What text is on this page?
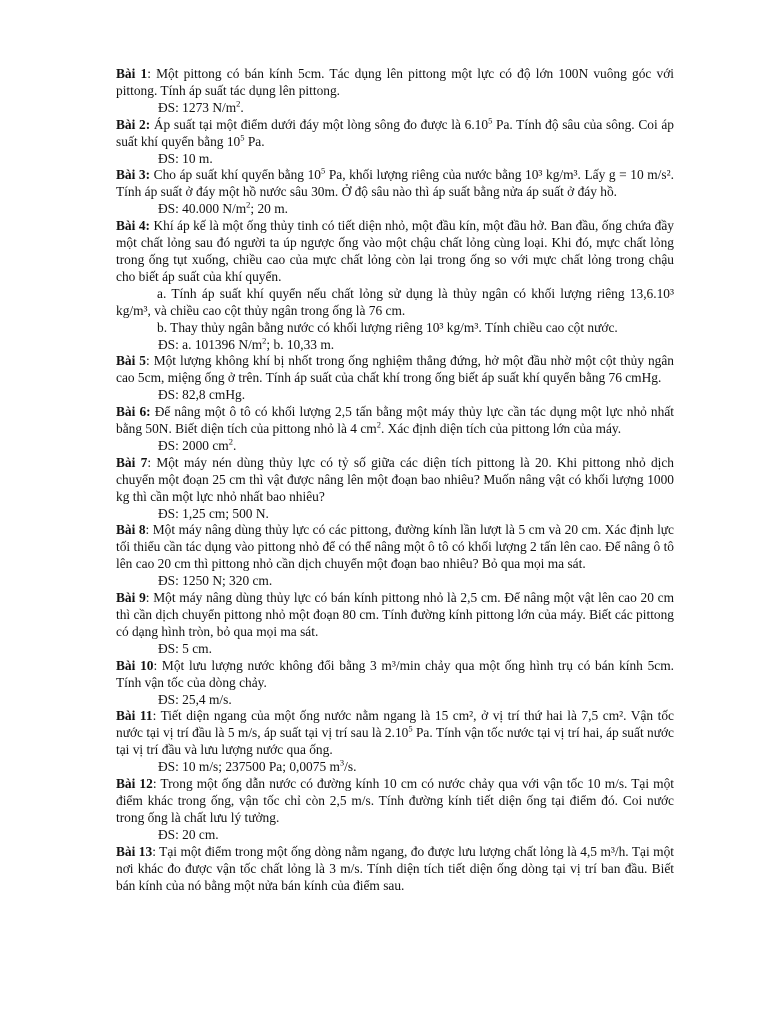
Bài 1: Một pittong có bán kính 5cm. Tác dụng lên pittong một lực có độ lớn 100N vuông góc với pittong. Tính áp suất tác dụng lên pittong.

ĐS: 1273 $N/m^2$.

Bài 2: Áp suất tại một điểm dưới đáy một lòng sông đo được là 6.10$^5$ Pa. Tính độ sâu của sông. Coi áp suất khí quyển bằng $10^5$ Pa.

ĐS: 10 m.

Bài 3: Cho áp suất khí quyển bằng $10^5$ Pa, khối lượng riêng của nước bằng 10³ kg/m³. Lấy g = 10 m/s². Tính áp suất ở đáy một hồ nước sâu 30m. Ở độ sâu nào thì áp suất bằng nửa áp suất ở đáy hồ.

ĐS: 40.000 $N/m^2$; 20 m.

Bài 4: Khí áp kế là một ống thủy tinh có tiết diện nhỏ, một đầu kín, một đầu hở. Ban đầu, ống chứa đầy một chất lỏng sau đó người ta úp ngược ống vào một chậu chất lỏng cùng loại. Khi đó, mực chất lỏng trong ống tụt xuống, chiều cao của mực chất lỏng còn lại trong ống so với mực chất lỏng trong chậu cho biết áp suất của khí quyển.

a. Tính áp suất khí quyển nếu chất lỏng sử dụng là thủy ngân có khối lượng riêng 13,6.10³ kg/m³, và chiều cao cột thủy ngân trong ống là 76 cm.

b. Thay thủy ngân bằng nước có khối lượng riêng 10³ kg/m³. Tính chiều cao cột nước.

ĐS: a. 101396 $N/m^2$; b. 10,33 m.

Bài 5: Một lượng không khí bị nhốt trong ống nghiệm thẳng đứng, hở một đầu nhờ một cột thủy ngân cao 5cm, miệng ống ở trên. Tính áp suất của chất khí trong ống biết áp suất khí quyển bằng 76 cmHg.

ĐS: 82,8 cmHg.

Bài 6: Để nâng một ô tô có khối lượng 2,5 tấn bằng một máy thủy lực cần tác dụng một lực nhỏ nhất bằng 50N. Biết diện tích của pittong nhỏ là 4 $cm^2$. Xác định diện tích của pittong lớn của máy.

ĐS: 2000 $cm^2$.

Bài 7: Một máy nén dùng thủy lực có tỷ số giữa các diện tích pittong là 20. Khi pittong nhỏ dịch chuyển một đoạn 25 cm thì vật được nâng lên một đoạn bao nhiêu? Muốn nâng vật có khối lượng 1000 kg thì cần một lực nhỏ nhất bao nhiêu?

ĐS: 1,25 cm; 500 N.

Bài 8: Một máy nâng dùng thủy lực có các pittong, đường kính lần lượt là 5 cm và 20 cm. Xác định lực tối thiểu cần tác dụng vào pittong nhỏ để có thể nâng một ô tô có khối lượng 2 tấn lên cao. Để nâng ô tô lên cao 20 cm thì pittong nhỏ cần dịch chuyển một đoạn bao nhiêu? Bỏ qua mọi ma sát.

ĐS: 1250 N; 320 cm.

Bài 9: Một máy nâng dùng thủy lực có bán kính pittong nhỏ là 2,5 cm. Để nâng một vật lên cao 20 cm thì cần dịch chuyển pittong nhỏ một đoạn 80 cm. Tính đường kính pittong lớn của máy. Biết các pittong có dạng hình tròn, bỏ qua mọi ma sát.

ĐS: 5 cm.

Bài 10: Một lưu lượng nước không đổi bằng 3 m³/min chảy qua một ống hình trụ có bán kính 5cm. Tính vận tốc của dòng chảy.

ĐS: 25,4 m/s.

Bài 11: Tiết diện ngang của một ống nước nằm ngang là 15 cm², ở vị trí thứ hai là 7,5 cm². Vận tốc nước tại vị trí đầu là 5 m/s, áp suất tại vị trí sau là 2.10$^5$ Pa. Tính vận tốc nước tại vị trí hai, áp suất nước tại vị trí đầu và lưu lượng nước qua ống.

ĐS: 10 m/s; 237500 Pa; 0,0075 $m^3/s$.

Bài 12: Trong một ống dẫn nước có đường kính 10 cm có nước chảy qua với vận tốc 10 m/s. Tại một điểm khác trong ống, vận tốc chỉ còn 2,5 m/s. Tính đường kính tiết diện ống tại điểm đó. Coi nước trong ống là chất lưu lý tưởng.

ĐS: 20 cm.

Bài 13: Tại một điểm trong một ống dòng nằm ngang, đo được lưu lượng chất lỏng là 4,5 m³/h. Tại một nơi khác đo được vận tốc chất lỏng là 3 m/s. Tính diện tích tiết diện ống dòng tại vị trí ban đầu. Biết bán kính của nó bằng một nửa bán kính của điểm sau.
